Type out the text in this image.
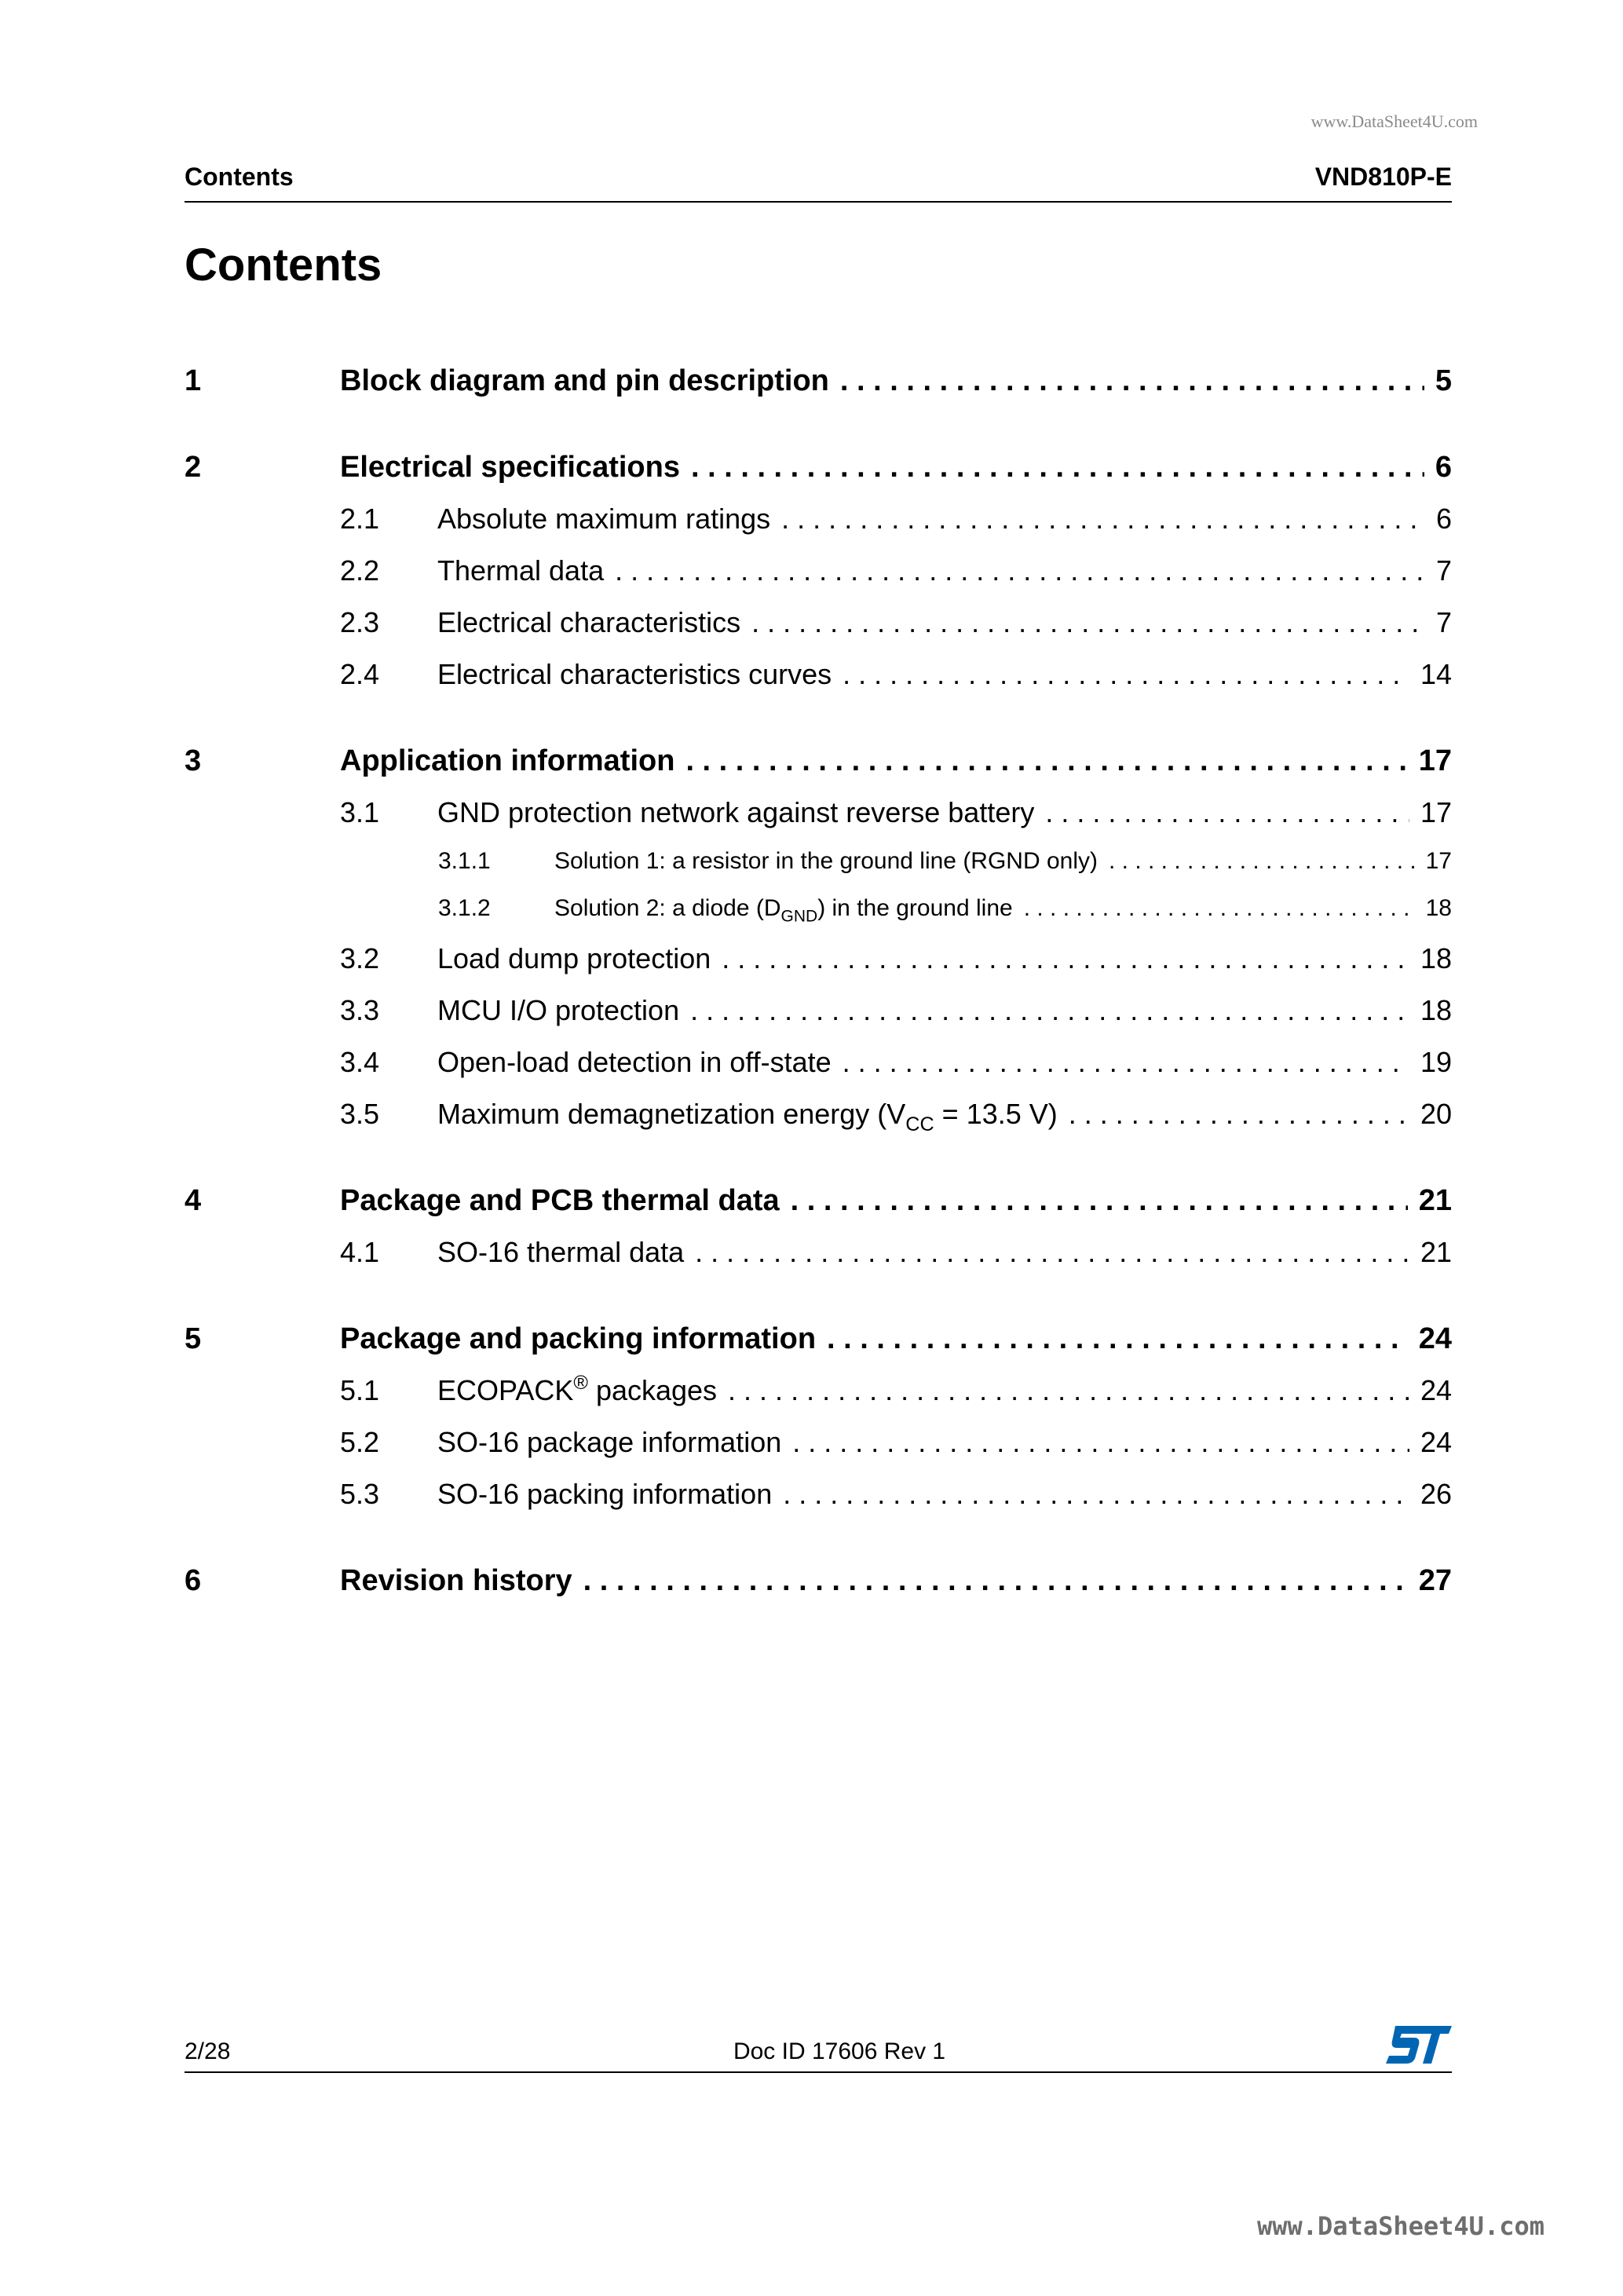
www.DataSheet4U.com
Contents	VND810P-E
Contents
1	Block diagram and pin description . . .	5
2	Electrical specifications . . .	6
2.1	Absolute maximum ratings . . .	6
2.2	Thermal data . . .	7
2.3	Electrical characteristics . . .	7
2.4	Electrical characteristics curves . . .	14
3	Application information . . .	17
3.1	GND protection network against reverse battery . . .	17
3.1.1	Solution 1: a resistor in the ground line (RGND only) . . .	17
3.1.2	Solution 2: a diode $(D_{GND})$ in the ground line . . .	18
3.2	Load dump protection . . .	18
3.3	MCU I/O protection . . .	18
3.4	Open-load detection in off-state . . .	19
3.5	Maximum demagnetization energy ($V_{CC} = 13.5$ V) . . .	20
4	Package and PCB thermal data . . .	21
4.1	SO-16 thermal data . . .	21
5	Package and packing information . . .	24
5.1	ECOPACK® packages . . .	24
5.2	SO-16 package information . . .	24
5.3	SO-16 packing information . . .	26
6	Revision history . . .	27
2/28	Doc ID 17606 Rev 1
www.DataSheet4U.com
